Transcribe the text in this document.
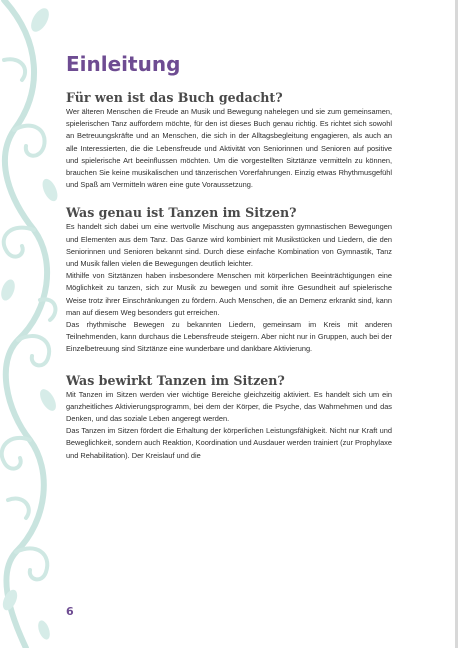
Einleitung
Für wen ist das Buch gedacht?

Wer älteren Menschen die Freude an Musik und Bewegung nahelegen und sie zum gemeinsamen, spielerischen Tanz auffordern möchte, für den ist dieses Buch genau richtig. Es richtet sich sowohl an Betreuungskräfte und an Menschen, die sich in der Alltagsbegleitung engagieren, als auch an alle Interessierten, die die Lebensfreude und Aktivität von Seniorinnen und Senioren auf positive und spielerische Art beeinflussen möchten. Um die vorgestellten Sitztänze vermitteln zu können, brauchen Sie keine musikalischen und tänzerischen Vorerfahrungen. Einzig etwas Rhythmusgefühl und Spaß am Vermitteln wären eine gute Voraussetzung.

Was genau ist Tanzen im Sitzen?

Es handelt sich dabei um eine wertvolle Mischung aus angepassten gymnastischen Bewegungen und Elementen aus dem Tanz. Das Ganze wird kombiniert mit Musikstücken und Liedern, die den Seniorinnen und Senioren bekannt sind. Durch diese einfache Kombination von Gymnastik, Tanz und Musik fallen vielen die Bewegungen deutlich leichter.

Mithilfe von Sitztänzen haben insbesondere Menschen mit körperlichen Beeinträchtigungen eine Möglichkeit zu tanzen, sich zur Musik zu bewegen und somit ihre Gesundheit auf spielerische Weise trotz ihrer Einschränkungen zu fördern. Auch Menschen, die an Demenz erkrankt sind, kann man auf diesem Weg besonders gut erreichen.

Das rhythmische Bewegen zu bekannten Liedern, gemeinsam im Kreis mit anderen Teilnehmenden, kann durchaus die Lebensfreude steigern. Aber nicht nur in Gruppen, auch bei der Einzelbetreuung sind Sitztänze eine wunderbare und dankbare Aktivierung.

Was bewirkt Tanzen im Sitzen?

Mit Tanzen im Sitzen werden vier wichtige Bereiche gleichzeitig aktiviert. Es handelt sich um ein ganzheitliches Aktivierungsprogramm, bei dem der Körper, die Psyche, das Wahrnehmen und das Denken, und das soziale Leben angeregt werden.

Das Tanzen im Sitzen fördert die Erhaltung der körperlichen Leistungsfähigkeit. Nicht nur Kraft und Beweglichkeit, sondern auch Reaktion, Koordination und Ausdauer werden trainiert (zur Prophylaxe und Rehabilitation). Der Kreislauf und die

6
